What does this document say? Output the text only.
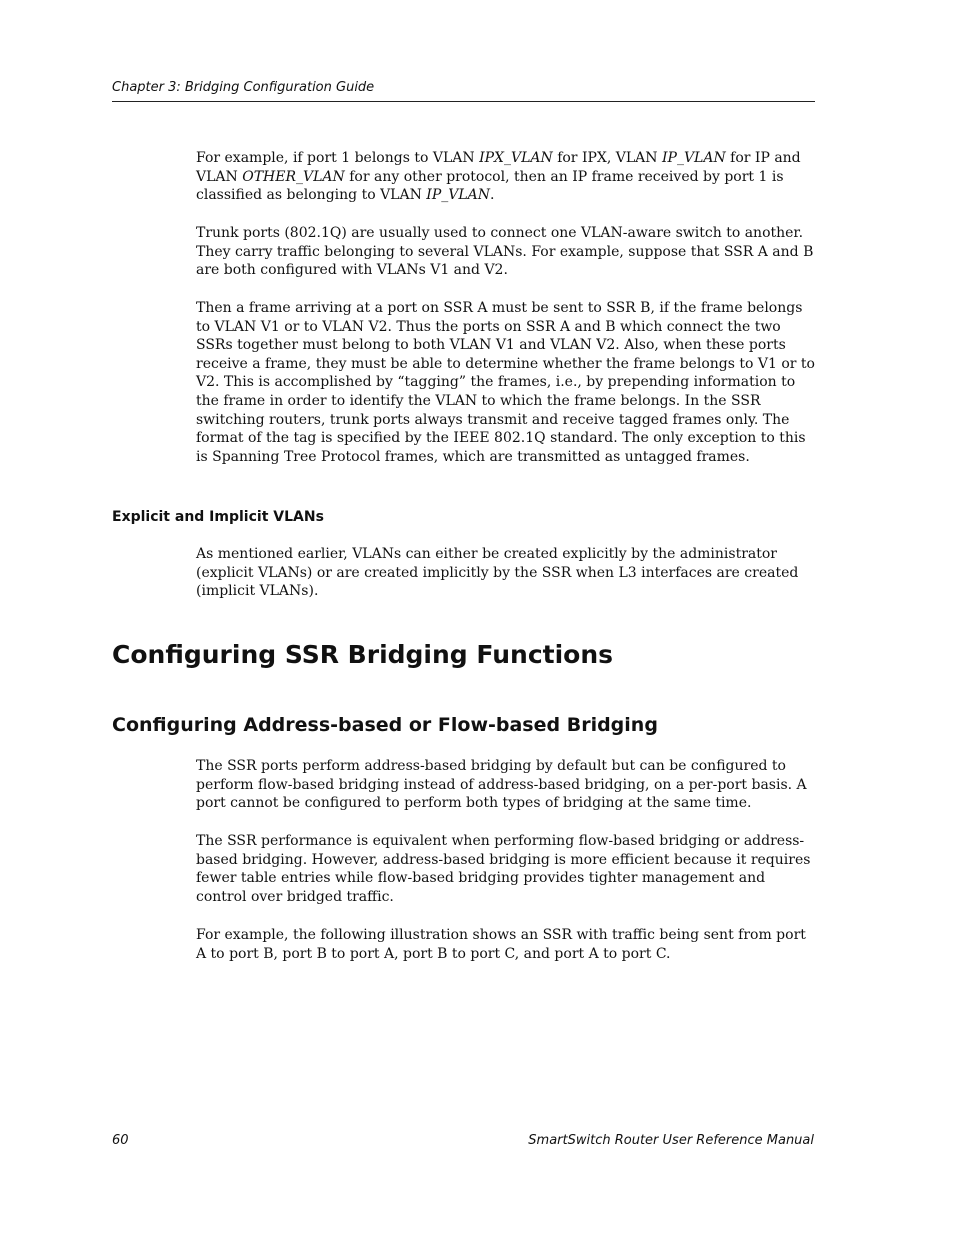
Chapter 3: Bridging Configuration Guide

For example, if port 1 belongs to VLAN IPX_VLAN for IPX, VLAN IP_VLAN for IP and VLAN OTHER_VLAN for any other protocol, then an IP frame received by port 1 is classified as belonging to VLAN IP_VLAN.

Trunk ports (802.1Q) are usually used to connect one VLAN-aware switch to another. They carry traffic belonging to several VLANs. For example, suppose that SSR A and B are both configured with VLANs V1 and V2.

Then a frame arriving at a port on SSR A must be sent to SSR B, if the frame belongs to VLAN V1 or to VLAN V2. Thus the ports on SSR A and B which connect the two SSRs together must belong to both VLAN V1 and VLAN V2. Also, when these ports receive a frame, they must be able to determine whether the frame belongs to V1 or to V2. This is accomplished by “tagging” the frames, i.e., by prepending information to the frame in order to identify the VLAN to which the frame belongs. In the SSR switching routers, trunk ports always transmit and receive tagged frames only. The format of the tag is specified by the IEEE 802.1Q standard. The only exception to this is Spanning Tree Protocol frames, which are transmitted as untagged frames.

Explicit and Implicit VLANs

As mentioned earlier, VLANs can either be created explicitly by the administrator (explicit VLANs) or are created implicitly by the SSR when L3 interfaces are created (implicit VLANs).

Configuring SSR Bridging Functions
Configuring Address-based or Flow-based Bridging

The SSR ports perform address-based bridging by default but can be configured to perform flow-based bridging instead of address-based bridging, on a per-port basis. A port cannot be configured to perform both types of bridging at the same time.

The SSR performance is equivalent when performing flow-based bridging or address-based bridging. However, address-based bridging is more efficient because it requires fewer table entries while flow-based bridging provides tighter management and control over bridged traffic.

For example, the following illustration shows an SSR with traffic being sent from port A to port B, port B to port A, port B to port C, and port A to port C.

60	SmartSwitch Router User Reference Manual
